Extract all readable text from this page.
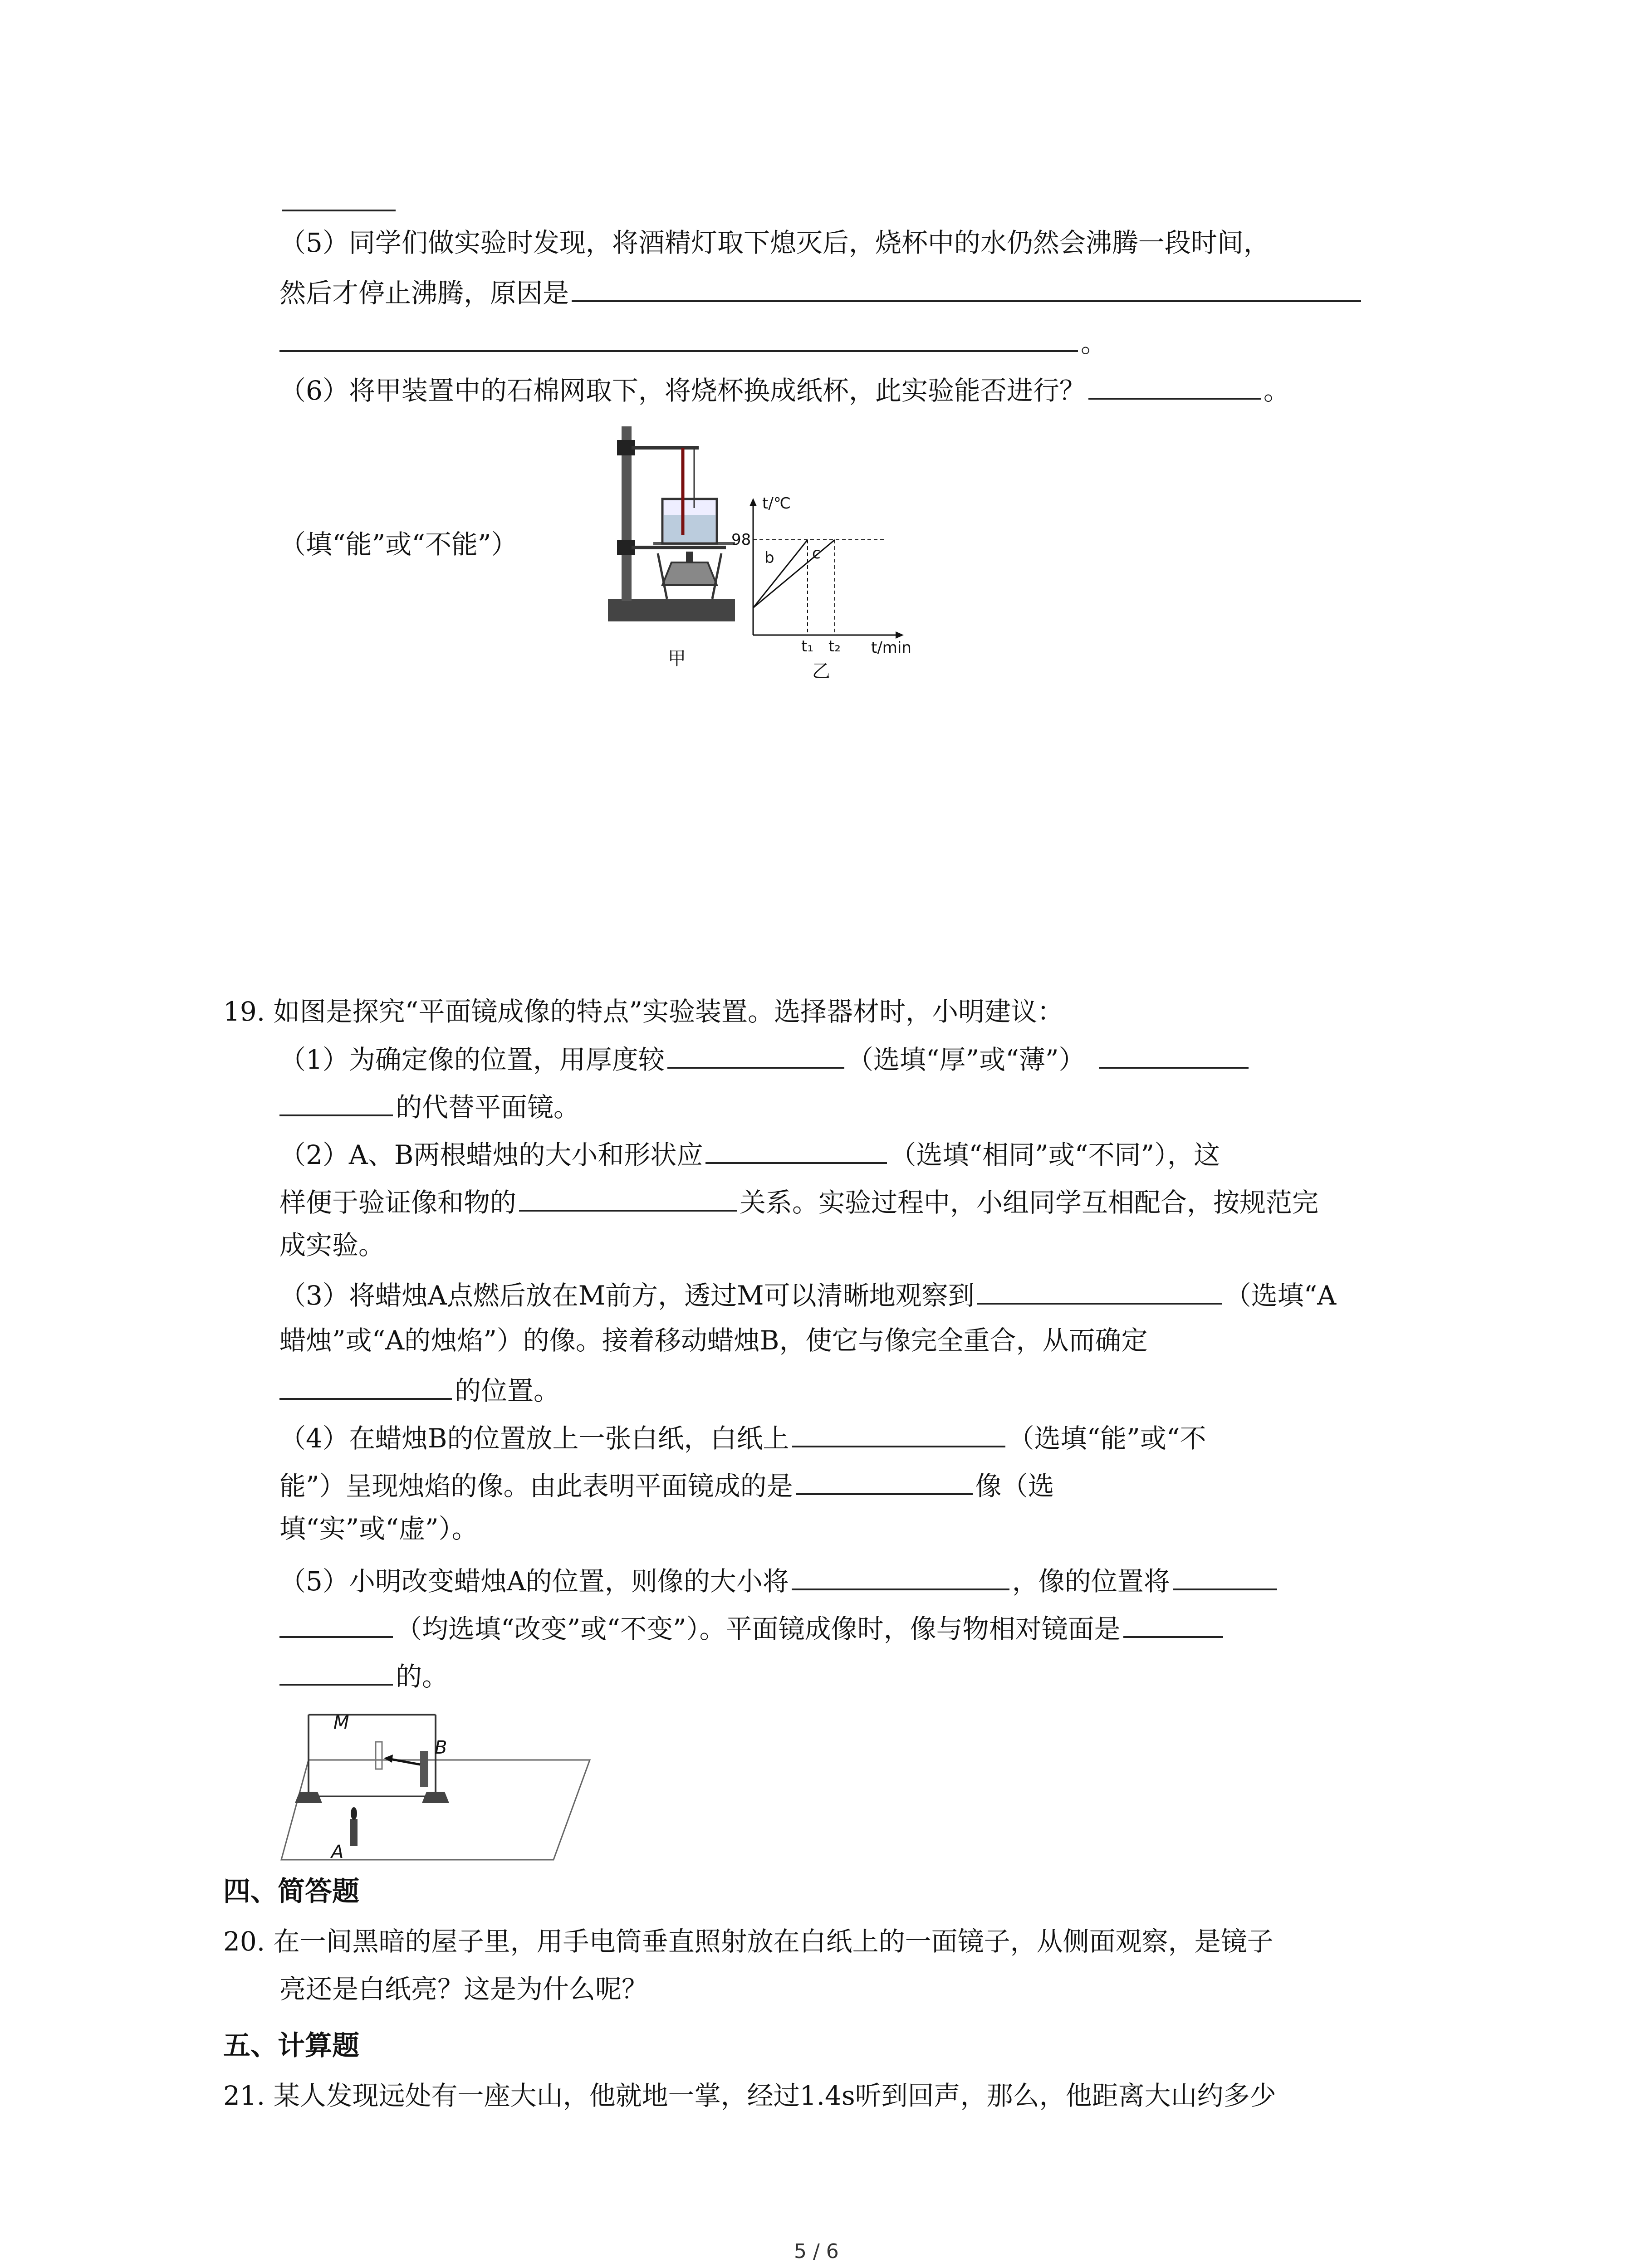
（5）同学们做实验时发现，将酒精灯取下熄灭后，烧杯中的水仍然会沸腾一段时间，
然后才停止沸腾，原因是
。
（6）将甲装置中的石棉网取下，将烧杯换成纸杯，此实验能否进行？	。
（填“能”或“不能”）
甲
t/℃
98
b c
t₁ t₂ t/min
乙
19. 如图是探究“平面镜成像的特点”实验装置。选择器材时，小明建议：
（1）为确定像的位置，用厚度较	（选填“厚”或“薄”）
的代替平面镜。
（2）A、B两根蜡烛的大小和形状应	（选填“相同”或“不同”），这
样便于验证像和物的	关系。实验过程中，小组同学互相配合，按规范完
成实验。
（3）将蜡烛A点燃后放在M前方，透过M可以清晰地观察到	（选填“A
蜡烛”或“A的烛焰”）的像。接着移动蜡烛B，使它与像完全重合，从而确定
的位置。
（4）在蜡烛B的位置放上一张白纸，白纸上	（选填“能”或“不
能”）呈现烛焰的像。由此表明平面镜成的是	像（选
填“实”或“虚”）。
（5）小明改变蜡烛A的位置，则像的大小将	，像的位置将
（均选填“改变”或“不变”）。平面镜成像时，像与物相对镜面是
的。
M
B
A
四、简答题
20. 在一间黑暗的屋子里，用手电筒垂直照射放在白纸上的一面镜子，从侧面观察，是镜子
亮还是白纸亮？这是为什么呢？
五、计算题
21. 某人发现远处有一座大山，他就地一掌，经过1.4s听到回声，那么，他距离大山约多少
5 / 6
